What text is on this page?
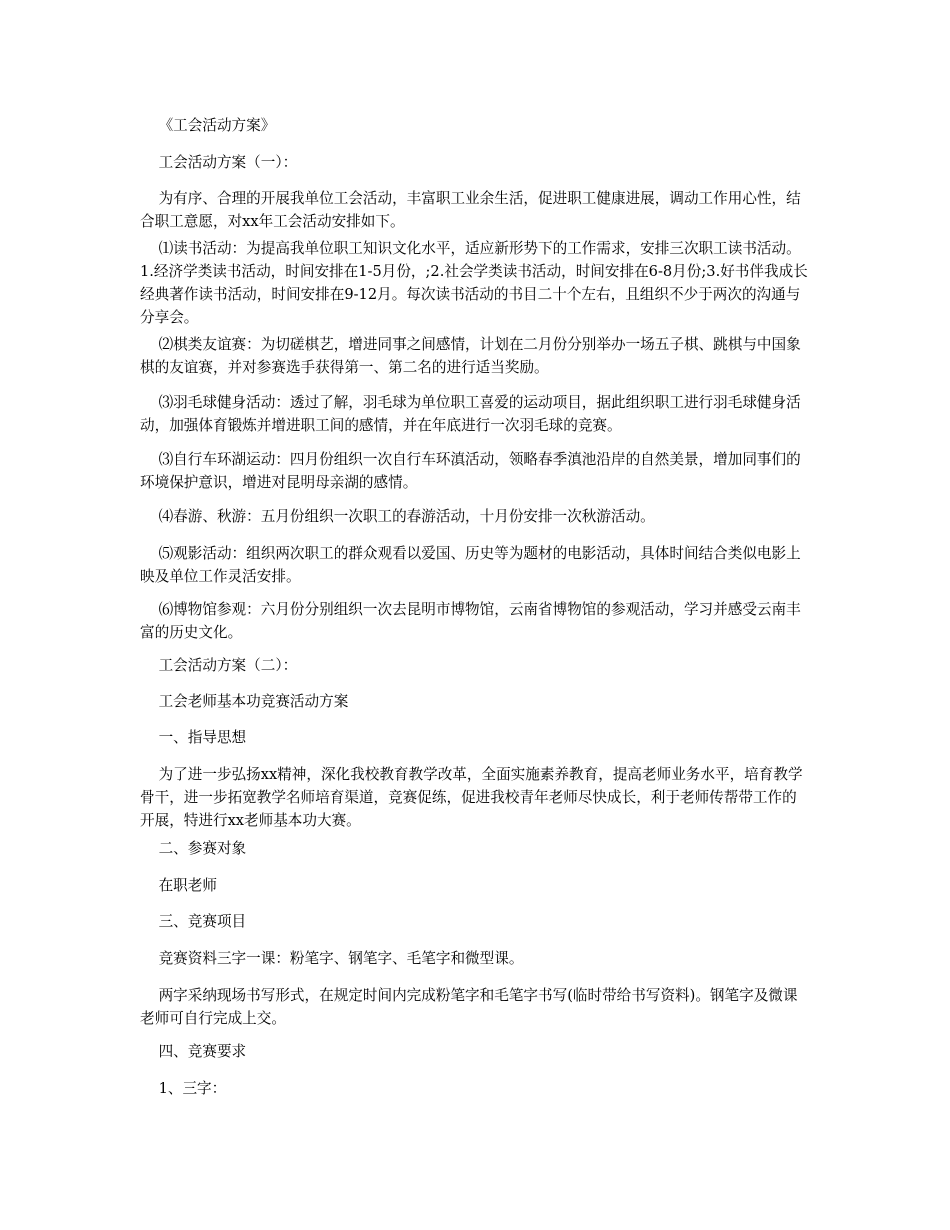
《工会活动方案》

工会活动方案（一）：

为有序、合理的开展我单位工会活动，丰富职工业余生活，促进职工健康进展，调动工作用心性，结合职工意愿，对xx年工会活动安排如下。

⑴读书活动：为提高我单位职工知识文化水平，适应新形势下的工作需求，安排三次职工读书活动。1.经济学类读书活动，时间安排在1-5月份，;2.社会学类读书活动，时间安排在6-8月份;3.好书伴我成长经典著作读书活动，时间安排在9-12月。每次读书活动的书目二十个左右，且组织不少于两次的沟通与分享会。

⑵棋类友谊赛：为切磋棋艺，增进同事之间感情，计划在二月份分别举办一场五子棋、跳棋与中国象棋的友谊赛，并对参赛选手获得第一、第二名的进行适当奖励。

⑶羽毛球健身活动：透过了解，羽毛球为单位职工喜爱的运动项目，据此组织职工进行羽毛球健身活动，加强体育锻炼并增进职工间的感情，并在年底进行一次羽毛球的竞赛。

⑶自行车环湖运动：四月份组织一次自行车环滇活动，领略春季滇池沿岸的自然美景，增加同事们的环境保护意识，增进对昆明母亲湖的感情。

⑷春游、秋游：五月份组织一次职工的春游活动，十月份安排一次秋游活动。

⑸观影活动：组织两次职工的群众观看以爱国、历史等为题材的电影活动，具体时间结合类似电影上映及单位工作灵活安排。

⑹博物馆参观：六月份分别组织一次去昆明市博物馆，云南省博物馆的参观活动，学习并感受云南丰富的历史文化。

工会活动方案（二）：

工会老师基本功竞赛活动方案

一、指导思想

为了进一步弘扬xx精神，深化我校教育教学改革，全面实施素养教育，提高老师业务水平，培育教学骨干，进一步拓宽教学名师培育渠道，竞赛促练，促进我校青年老师尽快成长，利于老师传帮带工作的开展，特进行xx老师基本功大赛。

二、参赛对象

在职老师

三、竞赛项目

竞赛资料三字一课：粉笔字、钢笔字、毛笔字和微型课。

两字采纳现场书写形式，在规定时间内完成粉笔字和毛笔字书写(临时带给书写资料)。钢笔字及微课老师可自行完成上交。

四、竞赛要求

1、三字：
